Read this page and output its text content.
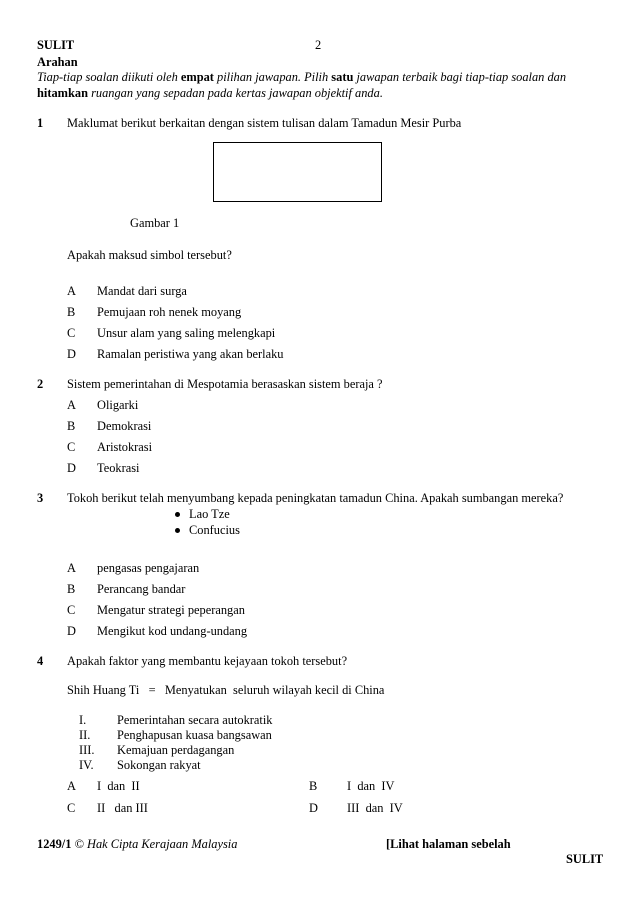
SULIT	2
Arahan
Tiap-tiap soalan diikuti oleh empat pilihan jawapan. Pilih satu jawapan terbaik bagi tiap-tiap soalan dan
hitamkan ruangan yang sepadan pada kertas jawapan objektif anda.
1 Maklumat berikut berkaitan dengan sistem tulisan dalam Tamadun Mesir Purba
Gambar 1
Apakah maksud simbol tersebut?
A Mandat dari surga
B Pemujaan roh nenek moyang
C Unsur alam yang saling melengkapi
D Ramalan peristiwa yang akan berlaku
2 Sistem pemerintahan di Mespotamia berasaskan sistem beraja ?
A Oligarki
B Demokrasi
C Aristokrasi
D Teokrasi
3 Tokoh berikut telah menyumbang kepada peningkatan tamadun China. Apakah sumbangan mereka?
Lao Tze
Confucius
A pengasas pengajaran
B Perancang bandar
C Mengatur strategi peperangan
D Mengikut kod undang-undang
4 Apakah faktor yang membantu kejayaan tokoh tersebut?
Shih Huang Ti   =   Menyatukan  seluruh wilayah kecil di China
I. Pemerintahan secara autokratik
II. Penghapusan kuasa bangsawan
III. Kemajuan perdagangan
IV. Sokongan rakyat
A I  dan  II	B I  dan  IV
C II   dan III	D III  dan  IV
1249/1 © Hak Cipta Kerajaan Malaysia	[Lihat halaman sebelah
SULIT
